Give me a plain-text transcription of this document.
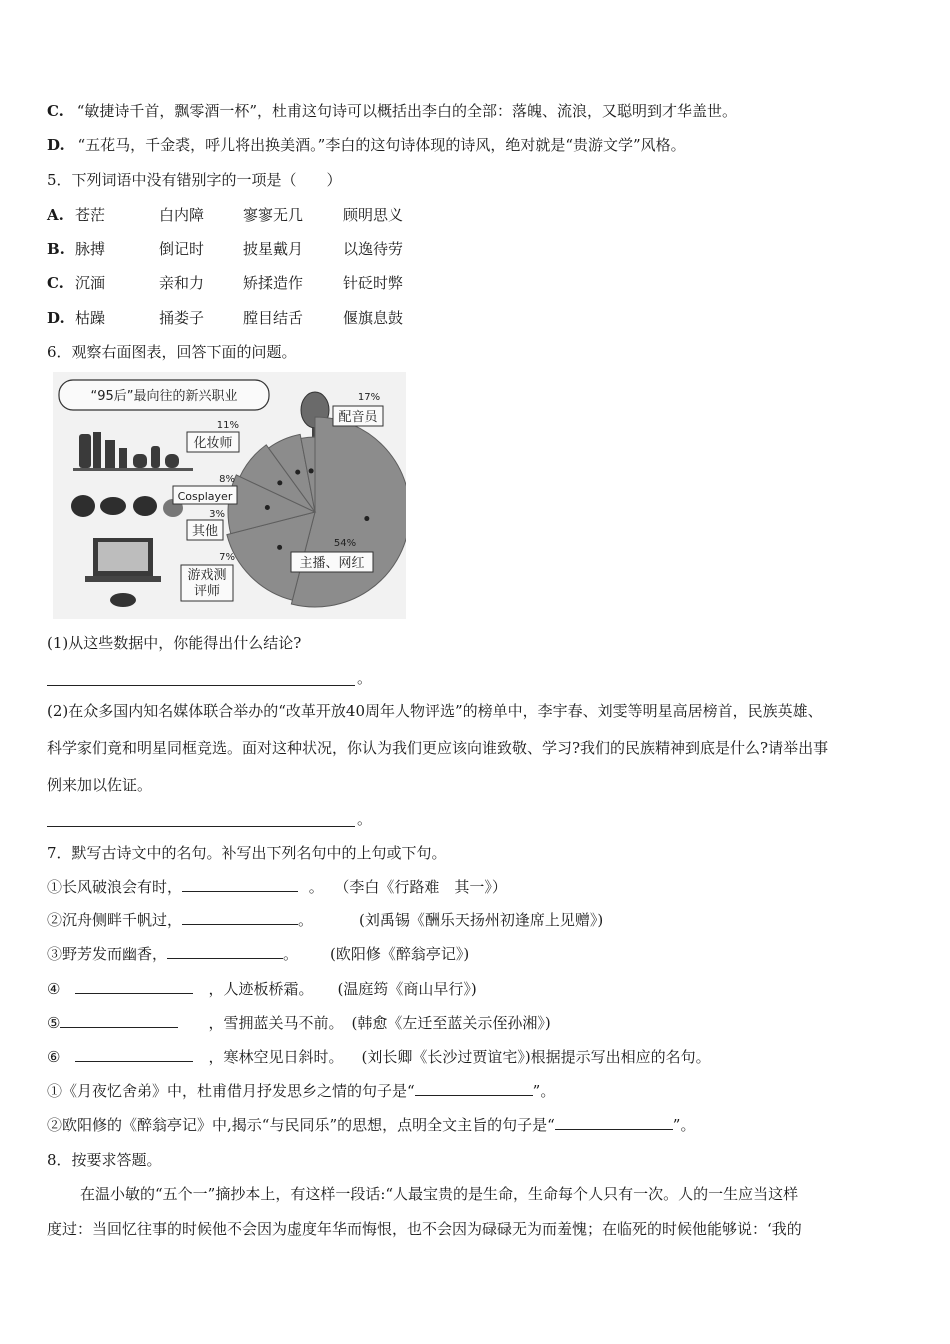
C. “敏捷诗千首，飘零酒一杯”，杜甫这句诗可以概括出李白的全部：落魄、流浪，又聪明到才华盖世。
D. “五花马，千金裘，呼儿将出换美酒。”李白的这句诗体现的诗风，绝对就是“贵游文学”风格。
5．下列词语中没有错别字的一项是（　　）
A. 苍茫	白内障	寥寥无几	顾明思义
B. 脉搏	倒记时	披星戴月	以逸待劳
C. 沉湎	亲和力	矫揉造作	针砭时弊
D. 枯躁	捅娄子	膛目结舌	偃旗息鼓
6．观察右面图表，回答下面的问题。
“95后”最向往的新兴职业
主播、网红
54%
配音员
17%
化妆师
11%
Cosplayer
8%
游戏测
评师
7%
其他
3%
(1)从这些数据中，你能得出什么结论?
。
(2)在众多国内知名媒体联合举办的“改革开放40周年人物评选”的榜单中，李宇春、刘雯等明星高居榜首，民族英雄、
科学家们竟和明星同框竞选。面对这种状况，你认为我们更应该向谁致敬、学习?我们的民族精神到底是什么?请举出事
例来加以佐证。
。
7．默写古诗文中的名句。补写出下列名句中的上句或下句。
①长风破浪会有时，	。 （李白《行路难　其一》）
②沉舟侧畔千帆过，	。	(刘禹锡《酬乐天扬州初逢席上见赠》)
③野芳发而幽香，	。 (欧阳修《醉翁亭记》)
④	，人迹板桥霜。 (温庭筠《商山早行》)
⑤	，雪拥蓝关马不前。 (韩愈《左迁至蓝关示侄孙湘》)
⑥	，寒林空见日斜时。 (刘长卿《长沙过贾谊宅》)根据提示写出相应的名句。
①《月夜忆舍弟》中，杜甫借月抒发思乡之情的句子是“	”。
②欧阳修的《醉翁亭记》中,揭示“与民同乐”的思想，点明全文主旨的句子是“	”。
8．按要求答题。
在温小敏的“五个一”摘抄本上，有这样一段话:“人最宝贵的是生命，生命每个人只有一次。人的一生应当这样
度过：当回忆往事的时候他不会因为虚度年华而悔恨，也不会因为碌碌无为而羞愧；在临死的时候他能够说：‘我的
